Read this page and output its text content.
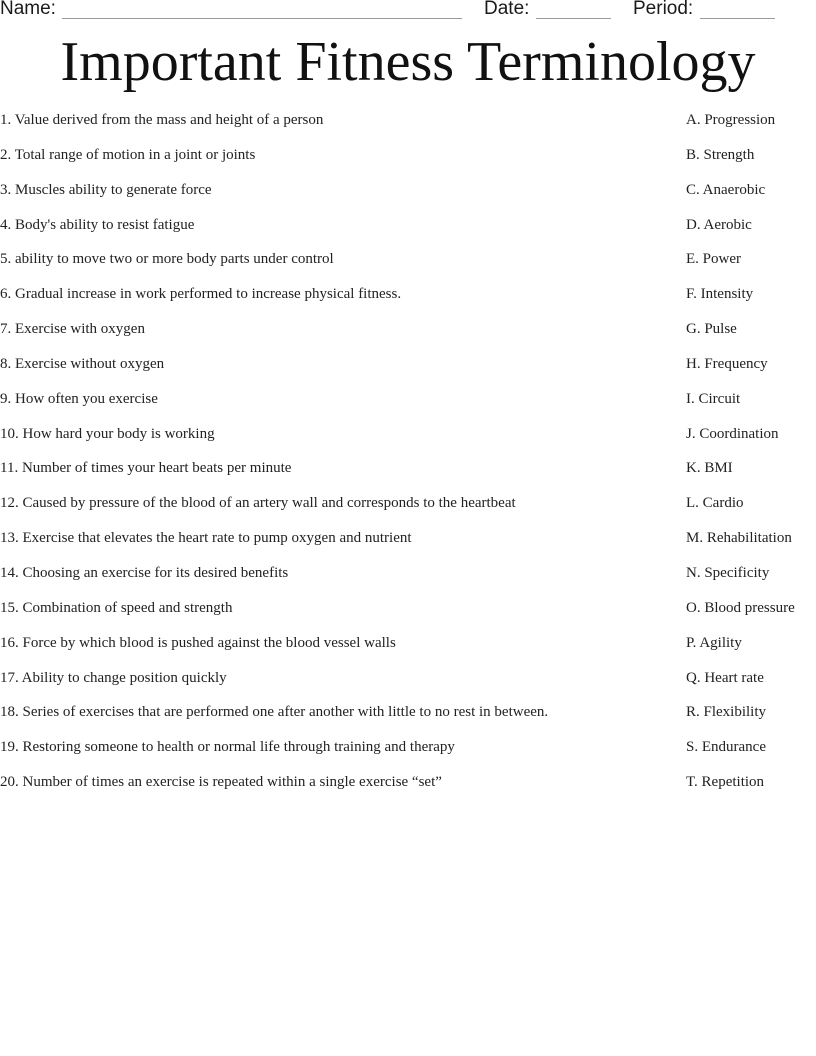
Name:	Date:	Period:
Important Fitness Terminology
1. Value derived from the mass and height of a person	A. Progression
2. Total range of motion in a joint or joints	B. Strength
3. Muscles ability to generate force	C. Anaerobic
4. Body's ability to resist fatigue	D. Aerobic
5. ability to move two or more body parts under control	E. Power
6. Gradual increase in work performed to increase physical fitness.	F. Intensity
7. Exercise with oxygen	G. Pulse
8. Exercise without oxygen	H. Frequency
9. How often you exercise	I. Circuit
10. How hard your body is working	J. Coordination
11. Number of times your heart beats per minute	K. BMI
12. Caused by pressure of the blood of an artery wall and corresponds to the heartbeat	L. Cardio
13. Exercise that elevates the heart rate to pump oxygen and nutrient	M. Rehabilitation
14. Choosing an exercise for its desired benefits	N. Specificity
15. Combination of speed and strength	O. Blood pressure
16. Force by which blood is pushed against the blood vessel walls	P. Agility
17. Ability to change position quickly	Q. Heart rate
18. Series of exercises that are performed one after another with little to no rest in between.	R. Flexibility
19. Restoring someone to health or normal life through training and therapy	S. Endurance
20. Number of times an exercise is repeated within a single exercise “set”	T. Repetition
